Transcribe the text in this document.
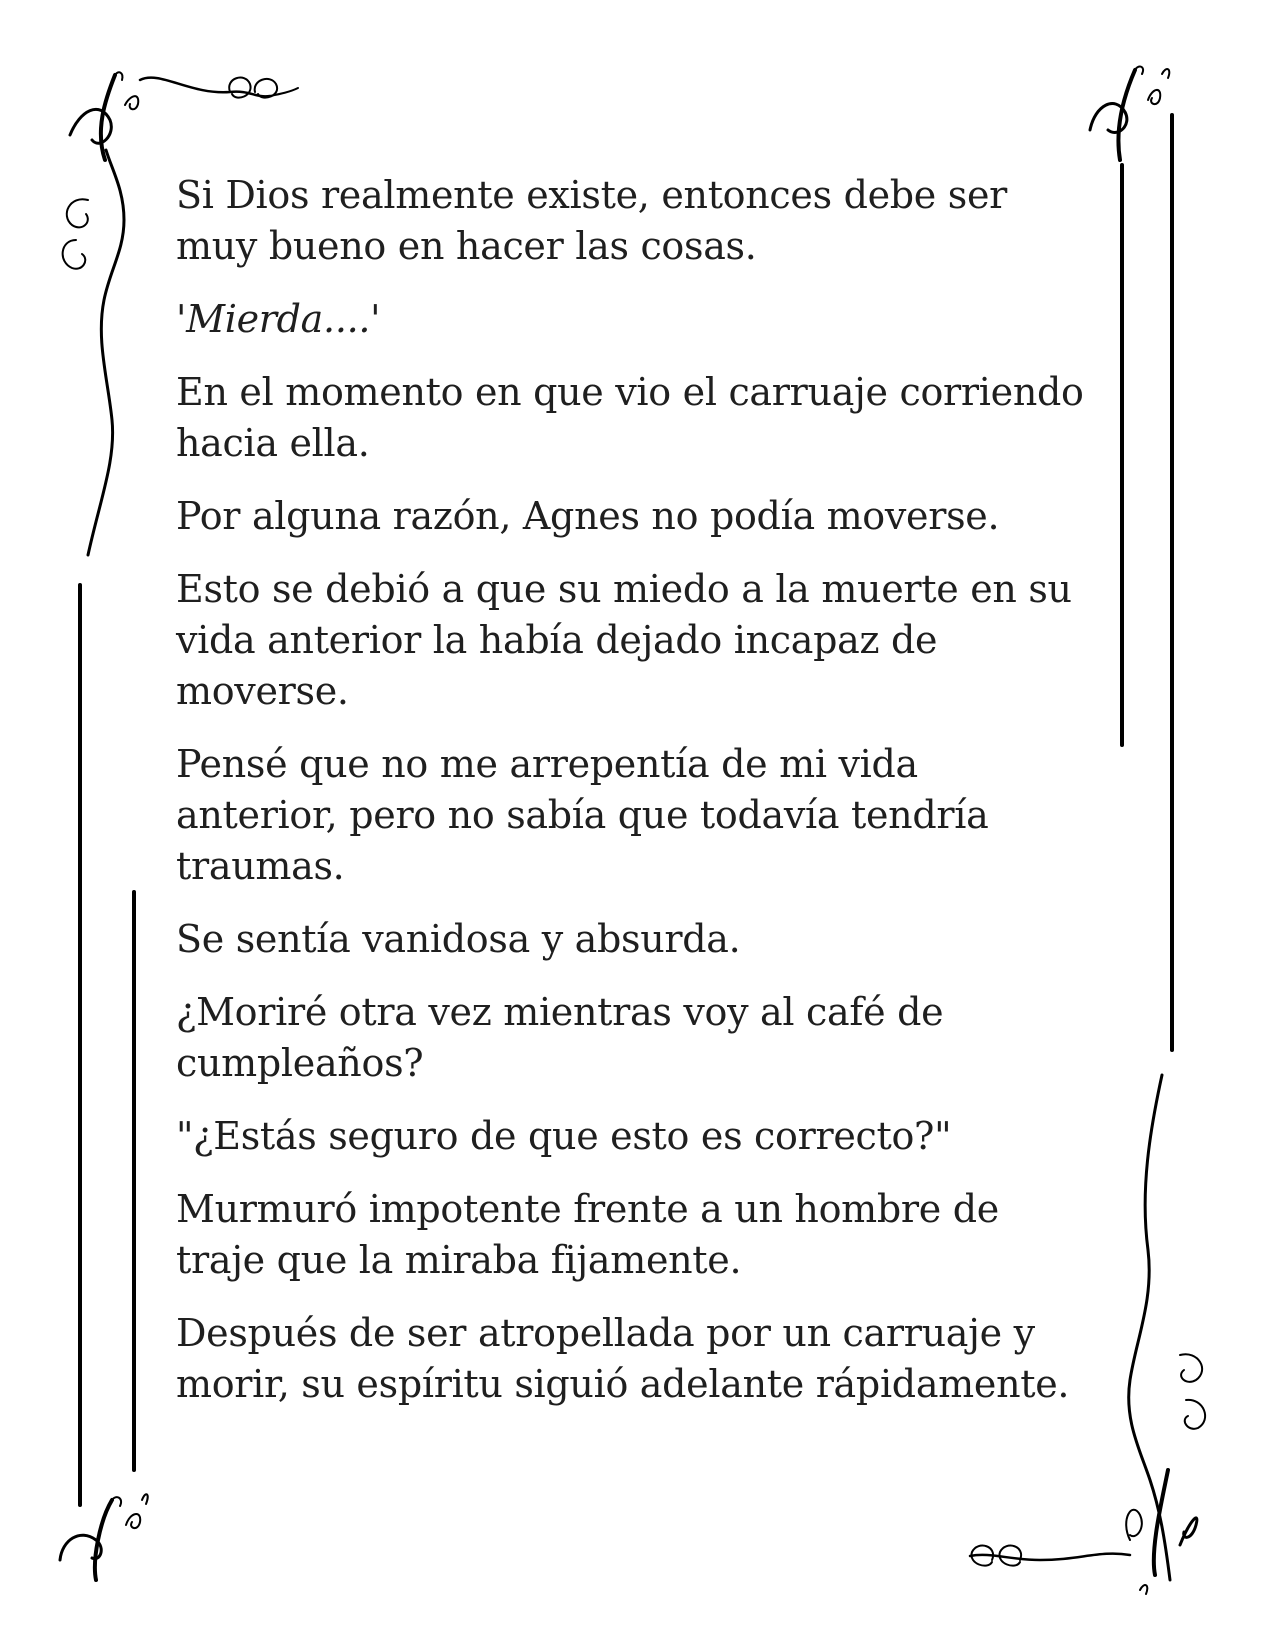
Si Dios realmente existe, entonces debe ser
muy bueno en hacer las cosas.

'Mierda....'

En el momento en que vio el carruaje corriendo
hacia ella.

Por alguna razón, Agnes no podía moverse.

Esto se debió a que su miedo a la muerte en su
vida anterior la había dejado incapaz de
moverse.

Pensé que no me arrepentía de mi vida
anterior, pero no sabía que todavía tendría
traumas.

Se sentía vanidosa y absurda.

¿Moriré otra vez mientras voy al café de
cumpleaños?

"¿Estás seguro de que esto es correcto?"

Murmuró impotente frente a un hombre de
traje que la miraba fijamente.

Después de ser atropellada por un carruaje y
morir, su espíritu siguió adelante rápidamente.
